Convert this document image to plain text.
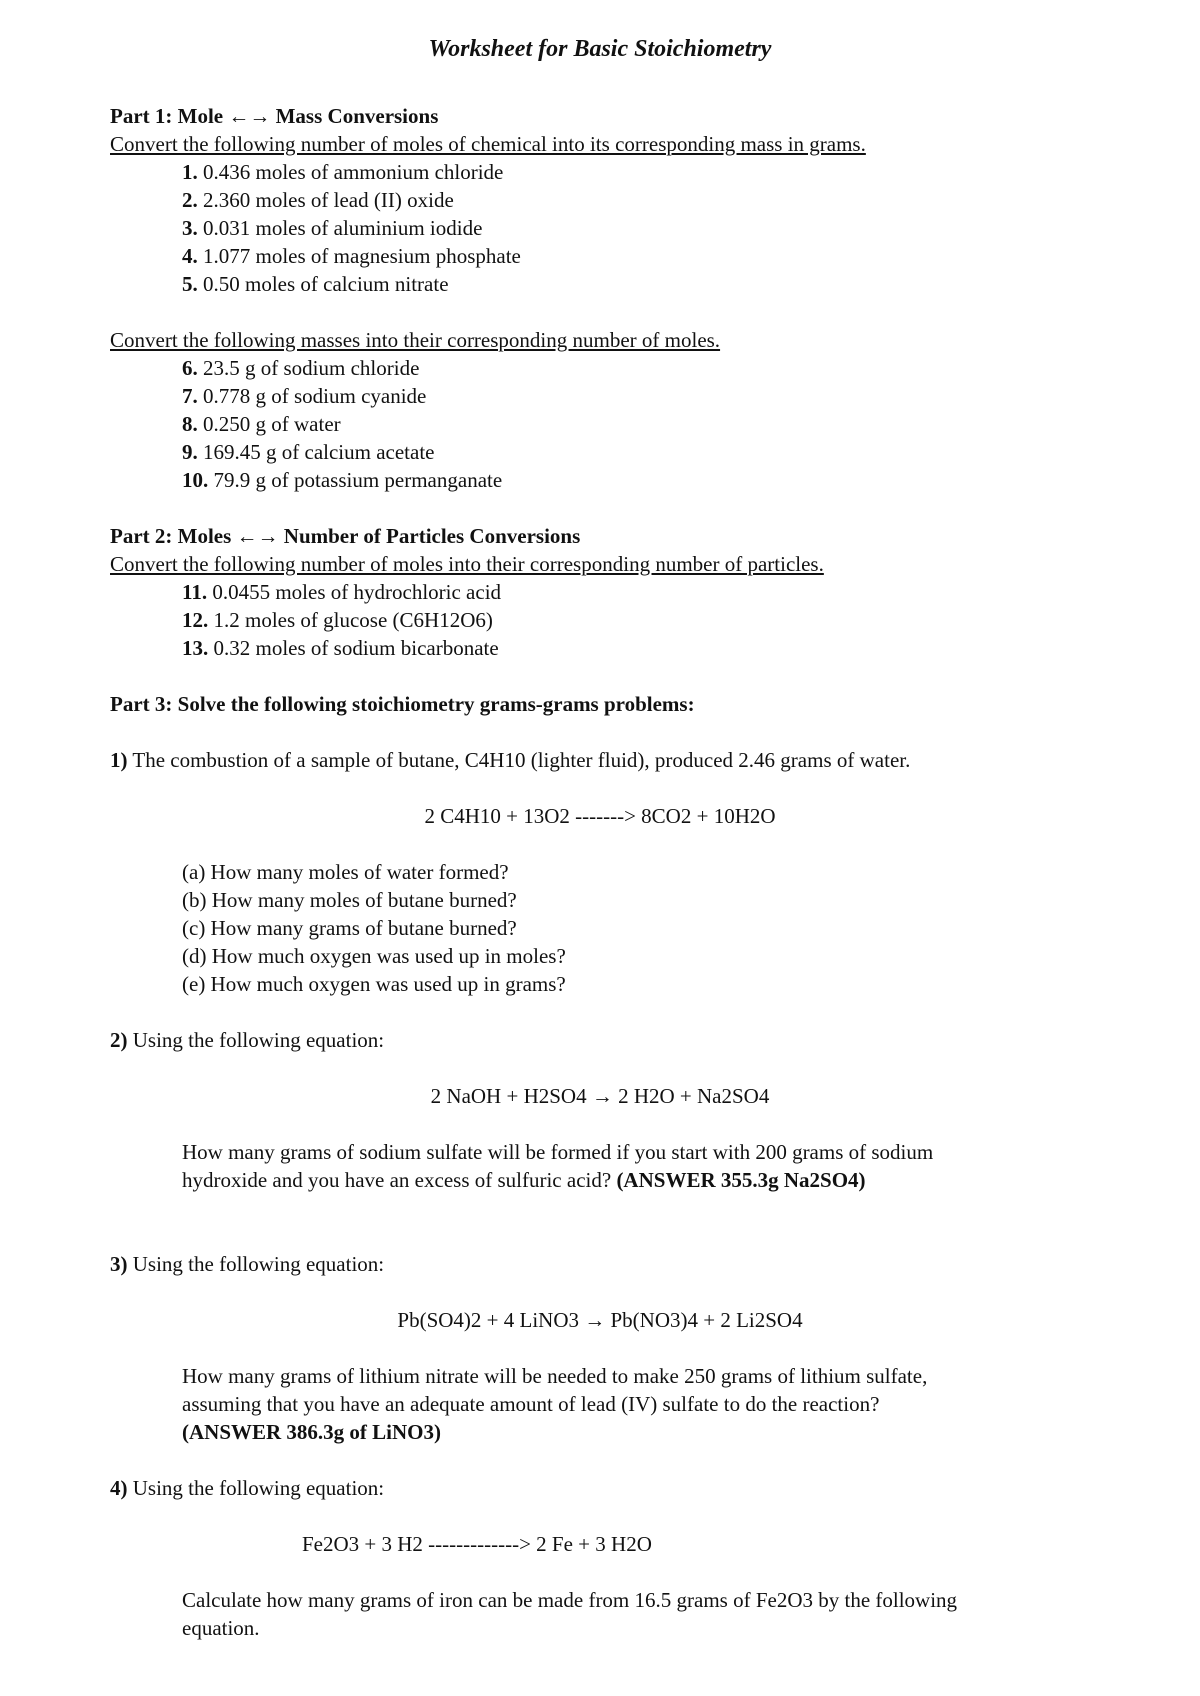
Worksheet for Basic Stoichiometry
Part 1: Mole ←→ Mass Conversions
Convert the following number of moles of chemical into its corresponding mass in grams.
1. 0.436 moles of ammonium chloride
2. 2.360 moles of lead (II) oxide
3. 0.031 moles of aluminium iodide
4. 1.077 moles of magnesium phosphate
5. 0.50 moles of calcium nitrate
Convert the following masses into their corresponding number of moles.
6. 23.5 g of sodium chloride
7. 0.778 g of sodium cyanide
8. 0.250 g of water
9. 169.45 g of calcium acetate
10. 79.9 g of potassium permanganate
Part 2: Moles ←→ Number of Particles Conversions
Convert the following number of moles into their corresponding number of particles.
11. 0.0455 moles of hydrochloric acid
12. 1.2 moles of glucose (C6H12O6)
13. 0.32 moles of sodium bicarbonate
Part 3: Solve the following stoichiometry grams-grams problems:
1) The combustion of a sample of butane, C4H10 (lighter fluid), produced 2.46 grams of water.
2 C4H10 + 13O2 -------> 8CO2 + 10H2O
(a) How many moles of water formed?
(b) How many moles of butane burned?
(c) How many grams of butane burned?
(d) How much oxygen was used up in moles?
(e) How much oxygen was used up in grams?
2) Using the following equation:
2 NaOH + H2SO4 → 2 H2O + Na2SO4
How many grams of sodium sulfate will be formed if you start with 200 grams of sodium
hydroxide and you have an excess of sulfuric acid? (ANSWER 355.3g Na2SO4)
3) Using the following equation:
Pb(SO4)2 + 4 LiNO3 → Pb(NO3)4 + 2 Li2SO4
How many grams of lithium nitrate will be needed to make 250 grams of lithium sulfate,
assuming that you have an adequate amount of lead (IV) sulfate to do the reaction?
(ANSWER 386.3g of LiNO3)
4) Using the following equation:
Fe2O3 + 3 H2 -------------> 2 Fe + 3 H2O
Calculate how many grams of iron can be made from 16.5 grams of Fe2O3 by the following
equation.
